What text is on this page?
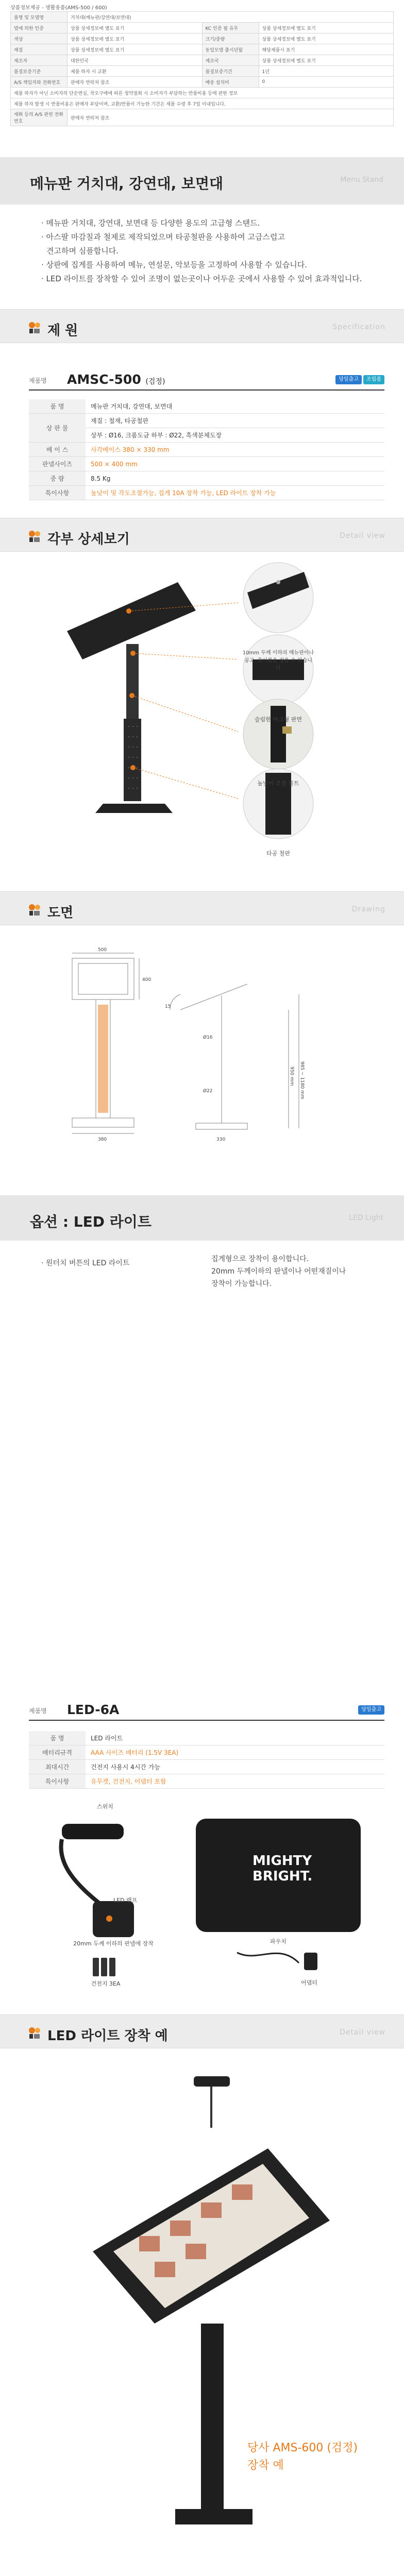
상품정보제공 - 생활용품(AMS-500 / 600)
품명 및 모델명	거치대(메뉴판/강연대/보면대)		
법에 의한 인증	상품 상세정보에 별도 표기	KC 인증 필 유무	상품 상세정보에 별도 표기
색상	상품 상세정보에 별도 표기	크기/중량	상품 상세정보에 별도 표기
재질	상품 상세정보에 별도 표기	동일모델 출시년월	해당제품시 표기
제조자	대한민국	제조국	상품 상세정보에 별도 표기
품질보증기준	제품 하자 시 교환	품질보증기간	1년
A/S 책임자와 전화번호	판매자 연락처 참조	배송 설치비	0
제품 하자가 아닌 소비자의 단순변심, 착오구매에 따른 청약철회 시 소비자가 부담하는 반품비용 등에 관한 정보			
제품 하자 발생 시 반품비용은 판매자 부담이며, 교환/반품이 가능한 기간은 제품 수령 후 7일 이내입니다.			
재화 등의 A/S 관련 전화번호	판매자 연락처 참조		
메뉴판 거치대, 강연대, 보면대	Menu Stand
· 메뉴판 거치대, 강연대, 보면대 등 다양한 용도의 고급형 스탠드.
· 아스팔 마감칠과 철제로 제작되었으며 타공철판을 사용하여 고급스럽고
견고하며 심플합니다.
· 상판에 집게를 사용하여 메뉴, 연설문, 악보등을 고정하여 사용할 수 있습니다.
· LED 라이트를 장착할 수 있어 조명이 없는곳이나 어두운 곳에서 사용할 수 있어 효과적입니다.
제 원	Specification
제품명 AMSC-500 (검정)	당일출고	조립품
품 명	메뉴판 거치대, 강연대, 보면대
상 판 물	재질 : 철재, 타공철판
	상부 : Ø16, 크롬도금 하부 : Ø22, 흑색분체도장
베 이 스	사각베이스 380 × 330 mm
판넬사이즈	500 × 400 mm
중 량	8.5 Kg
특이사항	높낮이 및 각도조절가능, 집게 10A 장착 가능, LED 라이트 장착 가능
각부 상세보기	Detail view
10mm 두께 이하의 메뉴판이나
공고, 휴이불을 집을 수 있습니다
슬림한 마크형 판면
높낮이 조절 볼트
타공 철판
도면	Drawing
500
400
380	330
Ø16
Ø22	985 ~ 1180 mm
950 mm
15
옵션 : LED 라이트	LED Light
· 원터치 버튼의 LED 라이트	집게형으로 장착이 용이합니다.
20mm 두께이하의 판넬이나 어떤재질이나
장착이 가능합니다.
제품명 LED-6A	당일출고
품 명	LED 라이트
배터리규격	AAA 사이즈 배터리 (1.5V 3EA)
최대시간	건전지 사용시 4시간 가능
특이사항	유무켓, 건전지, 어댑터 포함
MIGHTY
BRIGHT.
스위치
LED 램프
20mm 두께 이하의 판넬에 장착
건전지 3EA
파우치
어댑터
LED 라이트 장착 예	Detail view
당사 AMS-600 (검정)
장착 예
